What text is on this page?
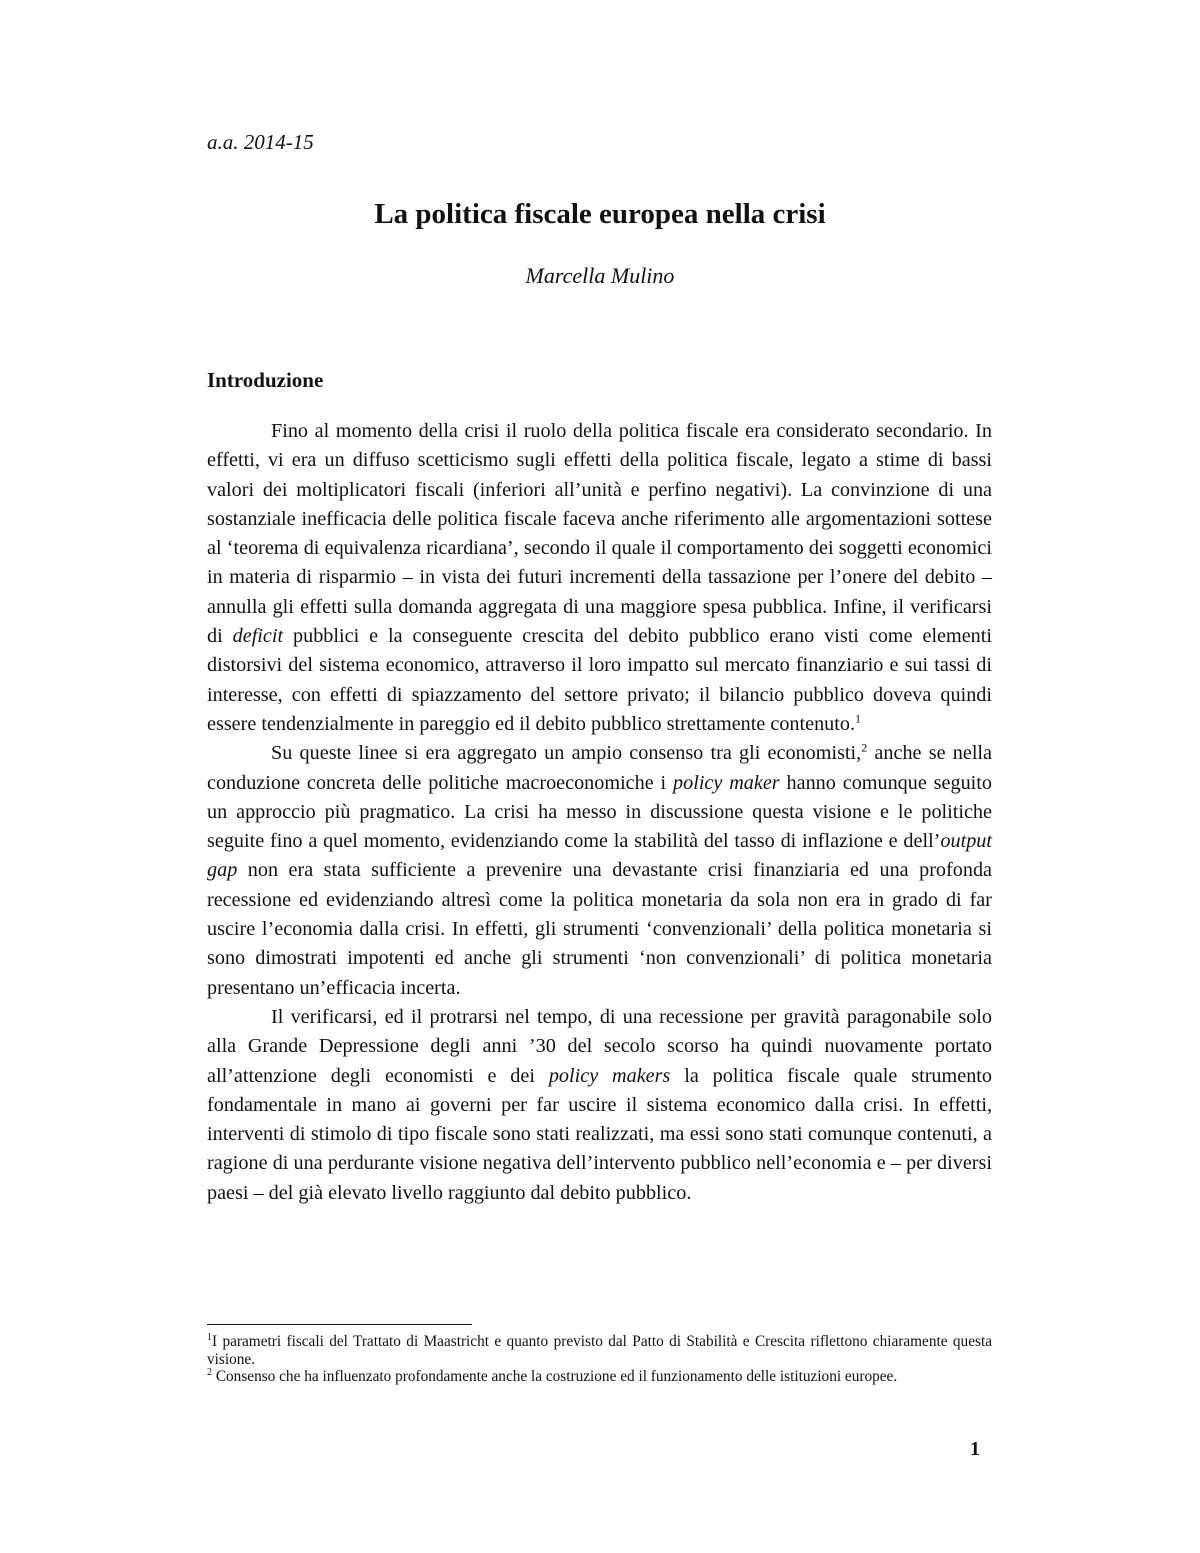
a.a. 2014-15

La politica fiscale europea nella crisi

Marcella Mulino

Introduzione

Fino al momento della crisi il ruolo della politica fiscale era considerato secondario. In effetti, vi era un diffuso scetticismo sugli effetti della politica fiscale, legato a stime di bassi valori dei moltiplicatori fiscali (inferiori all’unità e perfino negativi). La convinzione di una sostanziale inefficacia delle politica fiscale faceva anche riferimento alle argomentazioni sottese al ‘teorema di equivalenza ricardiana’, secondo il quale il comportamento dei soggetti economici in materia di risparmio – in vista dei futuri incrementi della tassazione per l’onere del debito – annulla gli effetti sulla domanda aggregata di una maggiore spesa pubblica. Infine, il verificarsi di deficit pubblici e la conseguente crescita del debito pubblico erano visti come elementi distorsivi del sistema economico, attraverso il loro impatto sul mercato finanziario e sui tassi di interesse, con effetti di spiazzamento del settore privato; il bilancio pubblico doveva quindi essere tendenzialmente in pareggio ed il debito pubblico strettamente contenuto.$^1$

Su queste linee si era aggregato un ampio consenso tra gli economisti,$^2$ anche se nella conduzione concreta delle politiche macroeconomiche i policy maker hanno comunque seguito un approccio più pragmatico. La crisi ha messo in discussione questa visione e le politiche seguite fino a quel momento, evidenziando come la stabilità del tasso di inflazione e dell’output gap non era stata sufficiente a prevenire una devastante crisi finanziaria ed una profonda recessione ed evidenziando altresì come la politica monetaria da sola non era in grado di far uscire l’economia dalla crisi. In effetti, gli strumenti ‘convenzionali’ della politica monetaria si sono dimostrati impotenti ed anche gli strumenti ‘non convenzionali’ di politica monetaria presentano un’efficacia incerta.

Il verificarsi, ed il protrarsi nel tempo, di una recessione per gravità paragonabile solo alla Grande Depressione degli anni ’30 del secolo scorso ha quindi nuovamente portato all’attenzione degli economisti e dei policy makers la politica fiscale quale strumento fondamentale in mano ai governi per far uscire il sistema economico dalla crisi. In effetti, interventi di stimolo di tipo fiscale sono stati realizzati, ma essi sono stati comunque contenuti, a ragione di una perdurante visione negativa dell’intervento pubblico nell’economia e – per diversi paesi – del già elevato livello raggiunto dal debito pubblico.

$^1$I parametri fiscali del Trattato di Maastricht e quanto previsto dal Patto di Stabilità e Crescita riflettono chiaramente questa visione.

$^2$ Consenso che ha influenzato profondamente anche la costruzione ed il funzionamento delle istituzioni europee.

1
